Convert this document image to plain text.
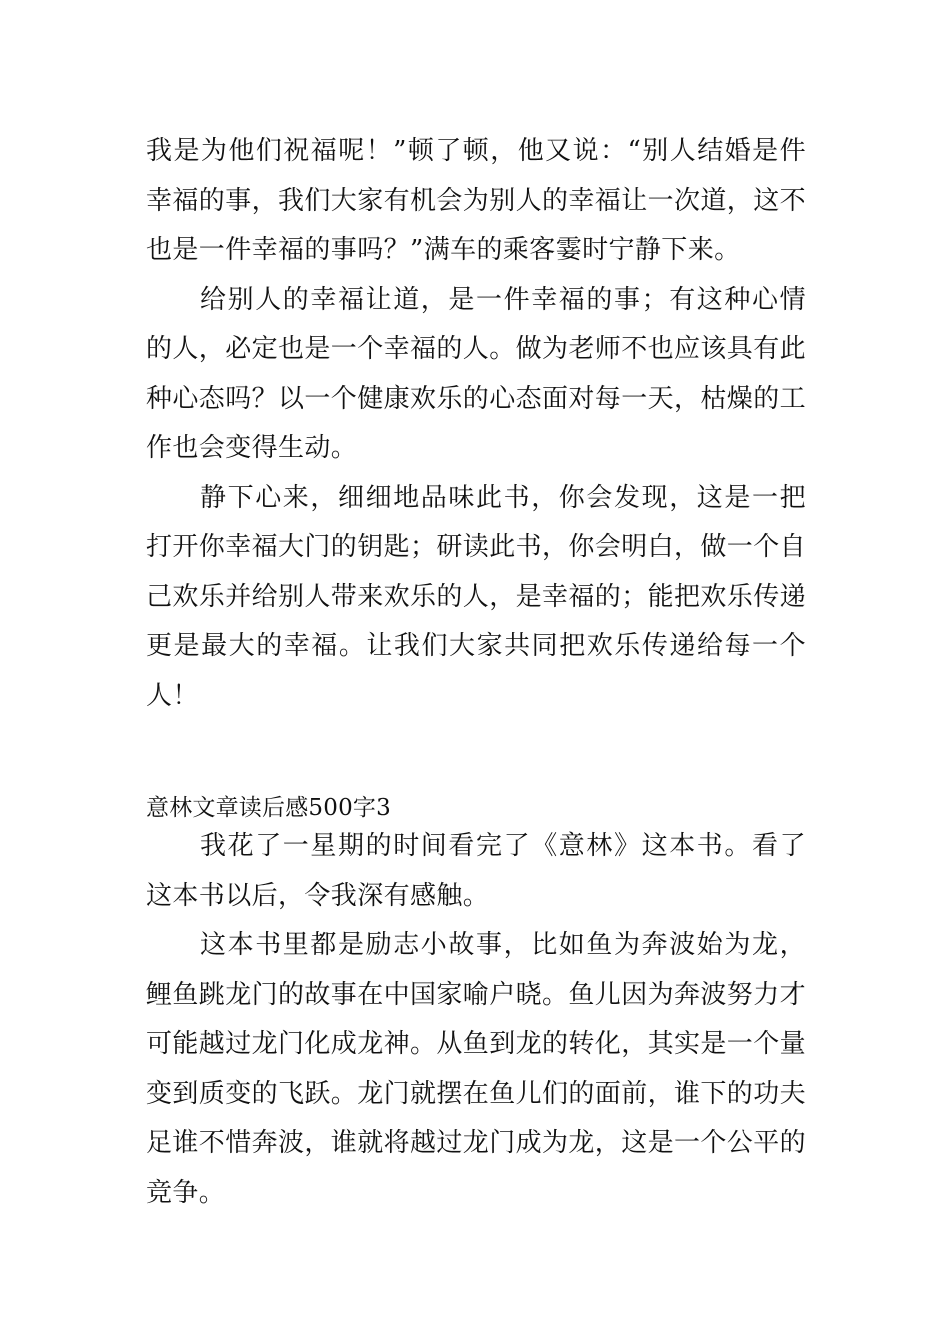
我是为他们祝福呢！”顿了顿，他又说：“别人结婚是件幸福的事，我们大家有机会为别人的幸福让一次道，这不也是一件幸福的事吗？”满车的乘客霎时宁静下来。

给别人的幸福让道，是一件幸福的事；有这种心情的人，必定也是一个幸福的人。做为老师不也应该具有此种心态吗？以一个健康欢乐的心态面对每一天，枯燥的工作也会变得生动。

静下心来，细细地品味此书，你会发现，这是一把打开你幸福大门的钥匙；研读此书，你会明白，做一个自己欢乐并给别人带来欢乐的人，是幸福的；能把欢乐传递更是最大的幸福。让我们大家共同把欢乐传递给每一个人！

意林文章读后感500字3

我花了一星期的时间看完了《意林》这本书。看了这本书以后，令我深有感触。

这本书里都是励志小故事，比如鱼为奔波始为龙，鲤鱼跳龙门的故事在中国家喻户晓。鱼儿因为奔波努力才可能越过龙门化成龙神。从鱼到龙的转化，其实是一个量变到质变的飞跃。龙门就摆在鱼儿们的面前，谁下的功夫足谁不惜奔波，谁就将越过龙门成为龙，这是一个公平的竞争。
